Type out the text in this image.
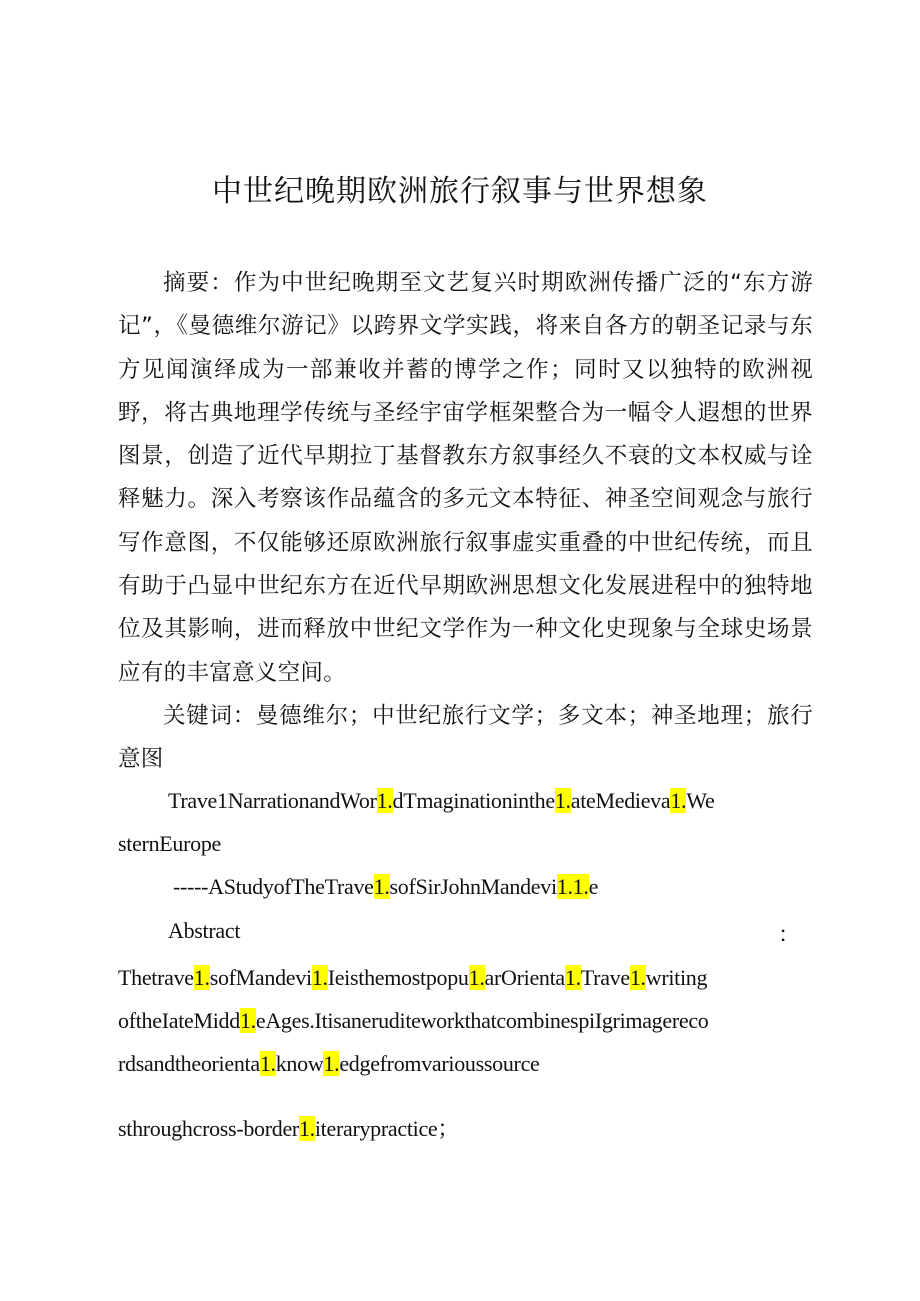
中世纪晚期欧洲旅行叙事与世界想象

摘要：作为中世纪晚期至文艺复兴时期欧洲传播广泛的“东方游记”，《曼德维尔游记》以跨界文学实践，将来自各方的朝圣记录与东方见闻演绎成为一部兼收并蓄的博学之作；同时又以独特的欧洲视野，将古典地理学传统与圣经宇宙学框架整合为一幅令人遐想的世界图景，创造了近代早期拉丁基督教东方叙事经久不衰的文本权威与诠释魅力。深入考察该作品蕴含的多元文本特征、神圣空间观念与旅行写作意图，不仅能够还原欧洲旅行叙事虚实重叠的中世纪传统，而且有助于凸显中世纪东方在近代早期欧洲思想文化发展进程中的独特地位及其影响，进而释放中世纪文学作为一种文化史现象与全球史场景应有的丰富意义空间。

关键词：曼德维尔；中世纪旅行文学；多文本；神圣地理；旅行意图

Trave1NarrationandWor1.dTmaginationinthe1.ateMedieva1.We
sternEurope
-----AStudyofTheTrave1.sofSirJohnMandevi1.1.e
Abstract	：
Thetrave1.sofMandevi1.Ieisthemostpopu1.arOrienta1.Trave1.writing
oftheIateMidd1.eAges.ItisaneruditeworkthatcombinespiIgrimagereco
rdsandtheorienta1.know1.edgefromvarioussource
sthroughcross-border1.iterarypractice；
